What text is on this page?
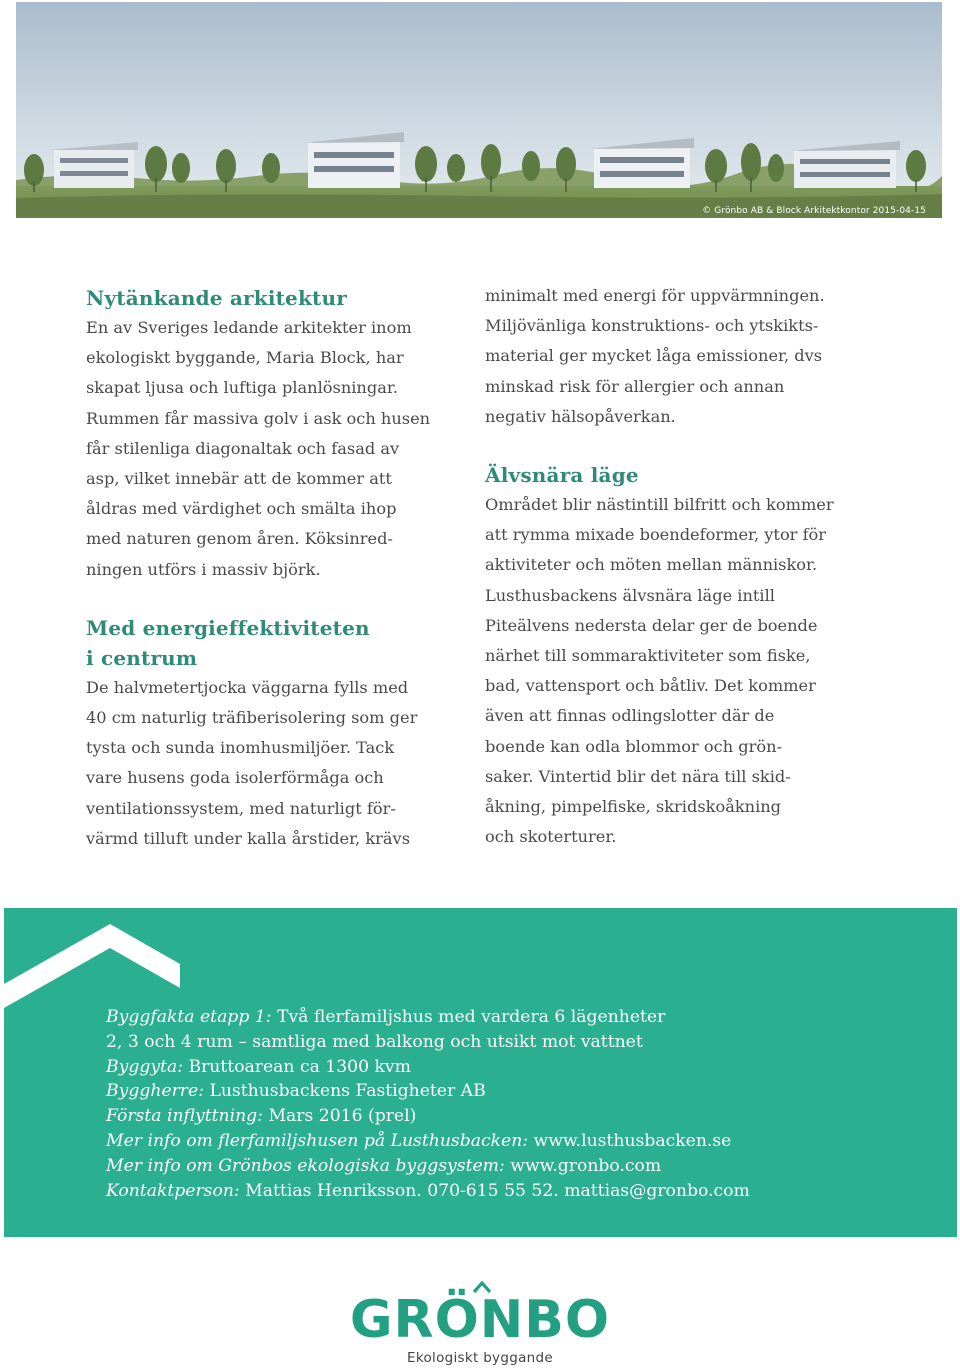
© Grönbo AB & Block Arkitektkontor 2015-04-15
Nytänkande arkitektur

En av Sveriges ledande arkitekter inom
ekologiskt byggande, Maria Block, har
skapat ljusa och luftiga planlösningar.
Rummen får massiva golv i ask och husen
får stilenliga diagonaltak och fasad av
asp, vilket innebär att de kommer att
åldras med värdighet och smälta ihop
med naturen genom åren. Köksinred-
ningen utförs i massiv björk.

Med energieffektiviteten
i centrum

De halvmetertjocka väggarna fylls med
40 cm naturlig träfiberisolering som ger
tysta och sunda inomhusmiljöer. Tack
vare husens goda isolerförmåga och
ventilationssystem, med naturligt för-
värmd tilluft under kalla årstider, krävs

minimalt med energi för uppvärmningen.
Miljövänliga konstruktions- och ytskikts-
material ger mycket låga emissioner, dvs
minskad risk för allergier och annan
negativ hälsopåverkan.

Älvsnära läge

Området blir nästintill bilfritt och kommer
att rymma mixade boendeformer, ytor för
aktiviteter och möten mellan människor.
Lusthusbackens älvsnära läge intill
Piteälvens nedersta delar ger de boende
närhet till sommaraktiviteter som fiske,
bad, vattensport och båtliv. Det kommer
även att finnas odlingslotter där de
boende kan odla blommor och grön-
saker. Vintertid blir det nära till skid-
åkning, pimpelfiske, skridskoåkning
och skoterturer.

Byggfakta etapp 1: Två flerfamiljshus med vardera 6 lägenheter
2, 3 och 4 rum – samtliga med balkong och utsikt mot vattnet
Byggyta: Bruttoarean ca 1300 kvm
Byggherre: Lusthusbackens Fastigheter AB
Första inflyttning: Mars 2016 (prel)
Mer info om flerfamiljshusen på Lusthusbacken: www.lusthusbacken.se
Mer info om Grönbos ekologiska byggsystem: www.gronbo.com
Kontaktperson: Mattias Henriksson. 070-615 55 52. mattias@gronbo.com
GRÖNBO
Ekologiskt byggande
